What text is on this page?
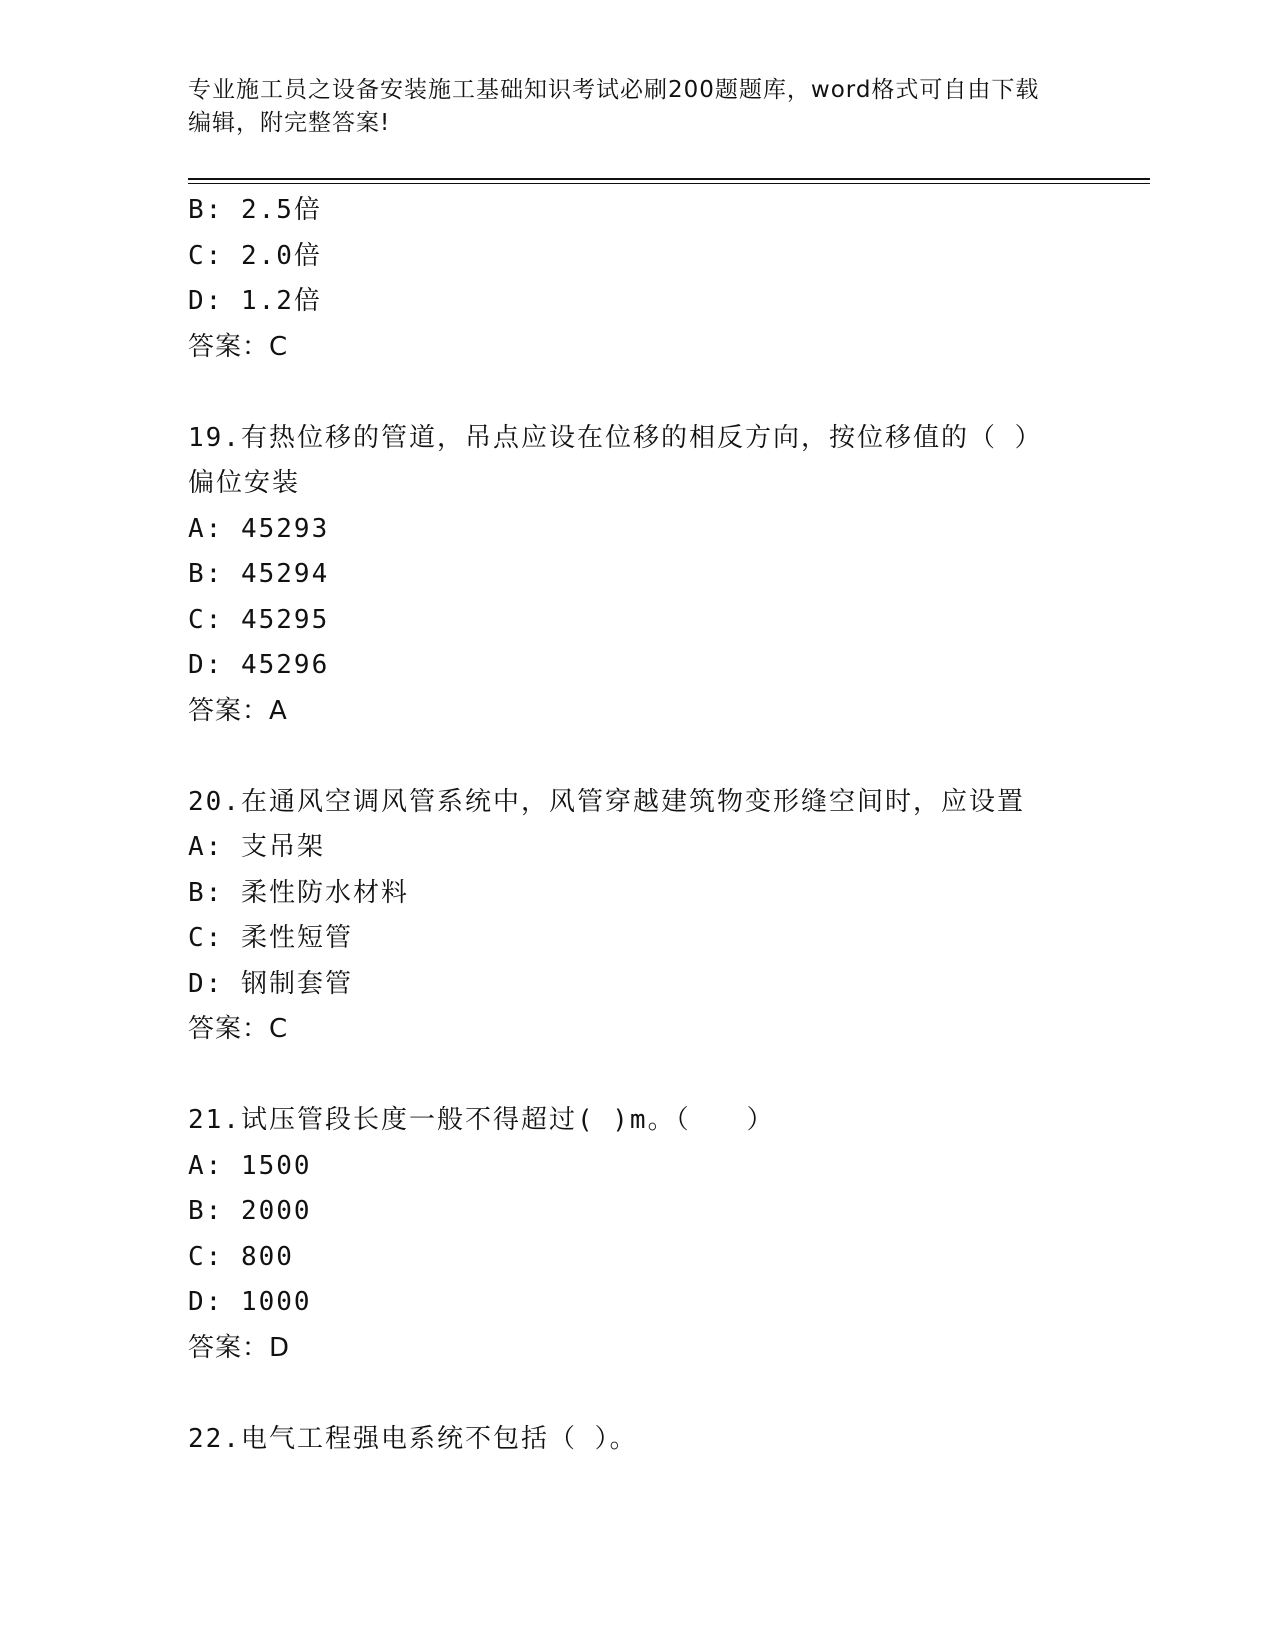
专业施工员之设备安装施工基础知识考试必刷200题题库，word格式可自由下载
编辑，附完整答案!
B: 2.5倍
C: 2.0倍
D: 1.2倍
答案：C
19.有热位移的管道，吊点应设在位移的相反方向，按位移值的（ ）
偏位安装
A: 45293
B: 45294
C: 45295
D: 45296
答案：A
20.在通风空调风管系统中，风管穿越建筑物变形缝空间时，应设置
A: 支吊架
B: 柔性防水材料
C: 柔性短管
D: 钢制套管
答案：C
21.试压管段长度一般不得超过( )m。（　　）
A: 1500
B: 2000
C: 800
D: 1000
答案：D
22.电气工程强电系统不包括（ ）。
